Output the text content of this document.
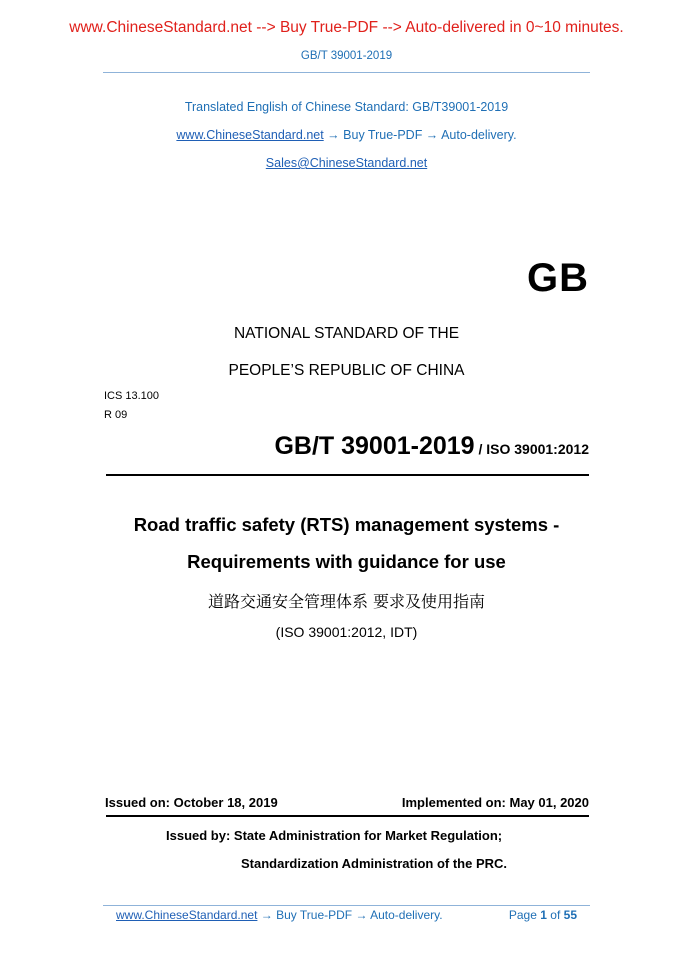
www.ChineseStandard.net --> Buy True-PDF --> Auto-delivered in 0~10 minutes.
GB/T 39001-2019
Translated English of Chinese Standard: GB/T39001-2019
www.ChineseStandard.net → Buy True-PDF → Auto-delivery.
Sales@ChineseStandard.net
GB
NATIONAL STANDARD OF THE
PEOPLE’S REPUBLIC OF CHINA
ICS 13.100
R 09
GB/T 39001-2019 / ISO 39001:2012
Road traffic safety (RTS) management systems -
Requirements with guidance for use
道路交通安全管理体系 要求及使用指南
(ISO 39001:2012, IDT)
Issued on: October 18, 2019	Implemented on: May 01, 2020
Issued by: State Administration for Market Regulation;
Standardization Administration of the PRC.
www.ChineseStandard.net → Buy True-PDF → Auto-delivery.	Page 1 of 55
